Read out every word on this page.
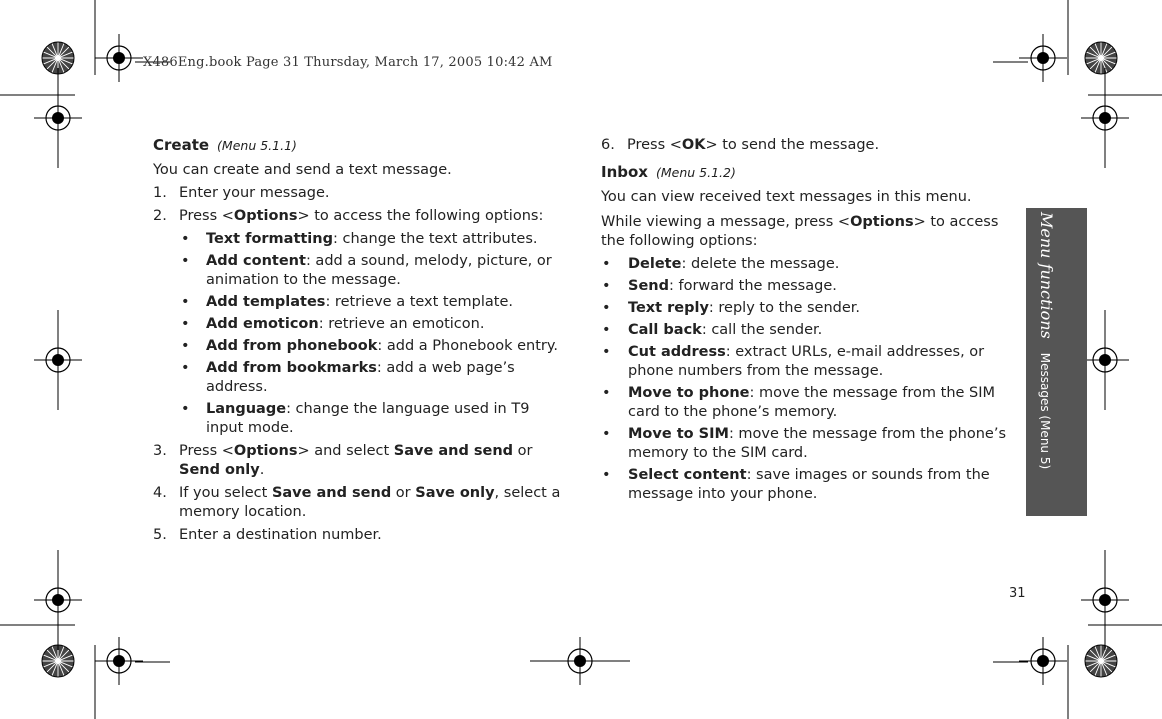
X486Eng.book Page 31 Thursday, March 17, 2005 10:42 AM

Create (Menu 5.1.1)

You can create and send a text message.

1. Enter your message.
2. Press <Options> to access the following options:
• Text formatting: change the text attributes.
• Add content: add a sound, melody, picture, or animation to the message.
• Add templates: retrieve a text template.
• Add emoticon: retrieve an emoticon.
• Add from phonebook: add a Phonebook entry.
• Add from bookmarks: add a web page’s address.
• Language: change the language used in T9 input mode.
3. Press <Options> and select Save and send or Send only.
4. If you select Save and send or Save only, select a memory location.
5. Enter a destination number.
6. Press <OK> to send the message.
Inbox (Menu 5.1.2)

You can view received text messages in this menu.

While viewing a message, press <Options> to access the following options:

• Delete: delete the message.
• Send: forward the message.
• Text reply: reply to the sender.
• Call back: call the sender.
• Cut address: extract URLs, e-mail addresses, or phone numbers from the message.
• Move to phone: move the message from the SIM card to the phone’s memory.
• Move to SIM: move the message from the phone’s memory to the SIM card.
• Select content: save images or sounds from the message into your phone.
Menu functionsMessages (Menu 5)

31
